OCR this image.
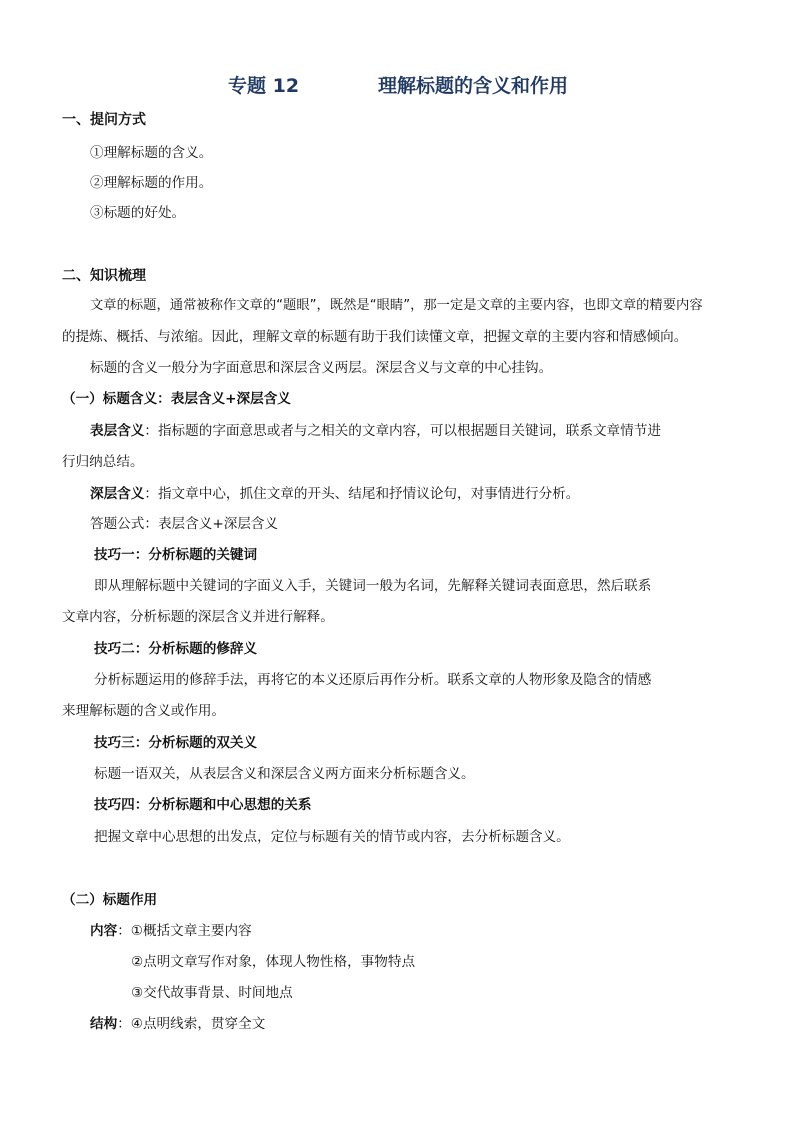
专题 12	理解标题的含义和作用
一、提问方式
①理解标题的含义。
②理解标题的作用。
③标题的好处。
二、知识梳理
文章的标题，通常被称作文章的“题眼”，既然是“眼睛”，那一定是文章的主要内容，也即文章的精要内容
的提炼、概括、与浓缩。因此，理解文章的标题有助于我们读懂文章，把握文章的主要内容和情感倾向。
标题的含义一般分为字面意思和深层含义两层。深层含义与文章的中心挂钩。
（一）标题含义：表层含义+深层含义
表层含义：指标题的字面意思或者与之相关的文章内容，可以根据题目关键词，联系文章情节进
行归纳总结。
深层含义：指文章中心，抓住文章的开头、结尾和抒情议论句，对事情进行分析。
答题公式：表层含义+深层含义
技巧一：分析标题的关键词
即从理解标题中关键词的字面义入手，关键词一般为名词，先解释关键词表面意思，然后联系
文章内容，分析标题的深层含义并进行解释。
技巧二：分析标题的修辞义
分析标题运用的修辞手法，再将它的本义还原后再作分析。联系文章的人物形象及隐含的情感
来理解标题的含义或作用。
技巧三：分析标题的双关义
标题一语双关，从表层含义和深层含义两方面来分析标题含义。
技巧四：分析标题和中心思想的关系
把握文章中心思想的出发点，定位与标题有关的情节或内容，去分析标题含义。
（二）标题作用
内容：①概括文章主要内容
②点明文章写作对象，体现人物性格，事物特点
③交代故事背景、时间地点
结构：④点明线索，贯穿全文
